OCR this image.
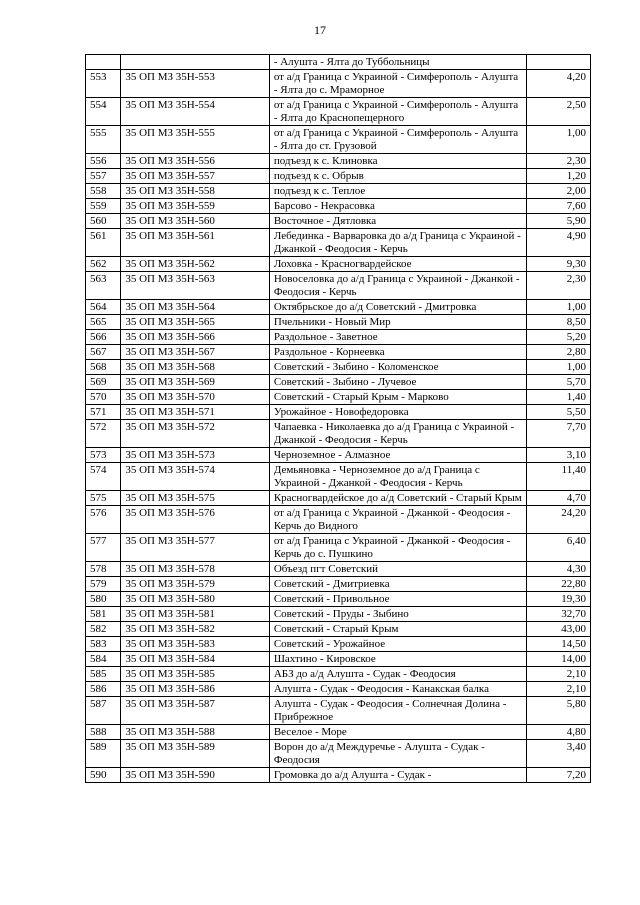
17
		- Алушта - Ялта до Туббольницы	
553	35 ОП МЗ 35Н-553	от а/д Граница с Украиной - Симферополь - Алушта - Ялта до с. Мраморное	4,20
554	35 ОП МЗ 35Н-554	от а/д Граница с Украиной - Симферополь - Алушта - Ялта до Краснопещерного	2,50
555	35 ОП МЗ 35Н-555	от а/д Граница с Украиной - Симферополь - Алушта - Ялта до ст. Грузовой	1,00
556	35 ОП МЗ 35Н-556	подъезд к с. Клиновка	2,30
557	35 ОП МЗ 35Н-557	подъезд к с. Обрыв	1,20
558	35 ОП МЗ 35Н-558	подъезд к с. Теплое	2,00
559	35 ОП МЗ 35Н-559	Барсово - Некрасовка	7,60
560	35 ОП МЗ 35Н-560	Восточное - Дятловка	5,90
561	35 ОП МЗ 35Н-561	Лебединка - Варваровка до а/д Граница с Украиной - Джанкой - Феодосия - Керчь	4,90
562	35 ОП МЗ 35Н-562	Лоховка - Красногвардейское	9,30
563	35 ОП МЗ 35Н-563	Новоселовка до а/д Граница с Украиной - Джанкой - Феодосия - Керчь	2,30
564	35 ОП МЗ 35Н-564	Октябрьское до а/д Советский - Дмитровка	1,00
565	35 ОП МЗ 35Н-565	Пчельники - Новый Мир	8,50
566	35 ОП МЗ 35Н-566	Раздольное - Заветное	5,20
567	35 ОП МЗ 35Н-567	Раздольное - Корнеевка	2,80
568	35 ОП МЗ 35Н-568	Советский - Зыбино - Коломенское	1,00
569	35 ОП МЗ 35Н-569	Советский - Зыбино - Лучевое	5,70
570	35 ОП МЗ 35Н-570	Советский - Старый Крым - Марково	1,40
571	35 ОП МЗ 35Н-571	Урожайное - Новофедоровка	5,50
572	35 ОП МЗ 35Н-572	Чапаевка - Николаевка до а/д Граница с Украиной - Джанкой - Феодосия - Керчь	7,70
573	35 ОП МЗ 35Н-573	Черноземное - Алмазное	3,10
574	35 ОП МЗ 35Н-574	Демьяновка - Черноземное до а/д Граница с Украиной - Джанкой - Феодосия - Керчь	11,40
575	35 ОП МЗ 35Н-575	Красногвардейское до а/д Советский - Старый Крым	4,70
576	35 ОП МЗ 35Н-576	от а/д Граница с Украиной - Джанкой - Феодосия - Керчь до Видного	24,20
577	35 ОП МЗ 35Н-577	от а/д Граница с Украиной - Джанкой - Феодосия - Керчь до с. Пушкино	6,40
578	35 ОП МЗ 35Н-578	Объезд пгт Советский	4,30
579	35 ОП МЗ 35Н-579	Советский - Дмитриевка	22,80
580	35 ОП МЗ 35Н-580	Советский - Привольное	19,30
581	35 ОП МЗ 35Н-581	Советский - Пруды - Зыбино	32,70
582	35 ОП МЗ 35Н-582	Советский - Старый Крым	43,00
583	35 ОП МЗ 35Н-583	Советский - Урожайное	14,50
584	35 ОП МЗ 35Н-584	Шахтино - Кировское	14,00
585	35 ОП МЗ 35Н-585	АБЗ до а/д Алушта - Судак - Феодосия	2,10
586	35 ОП МЗ 35Н-586	Алушта - Судак - Феодосия - Канакская балка	2,10
587	35 ОП МЗ 35Н-587	Алушта - Судак - Феодосия - Солнечная Долина - Прибрежное	5,80
588	35 ОП МЗ 35Н-588	Веселое - Море	4,80
589	35 ОП МЗ 35Н-589	Ворон до а/д Междуречье - Алушта - Судак - Феодосия	3,40
590	35 ОП МЗ 35Н-590	Громовка до а/д Алушта - Судак -	7,20
